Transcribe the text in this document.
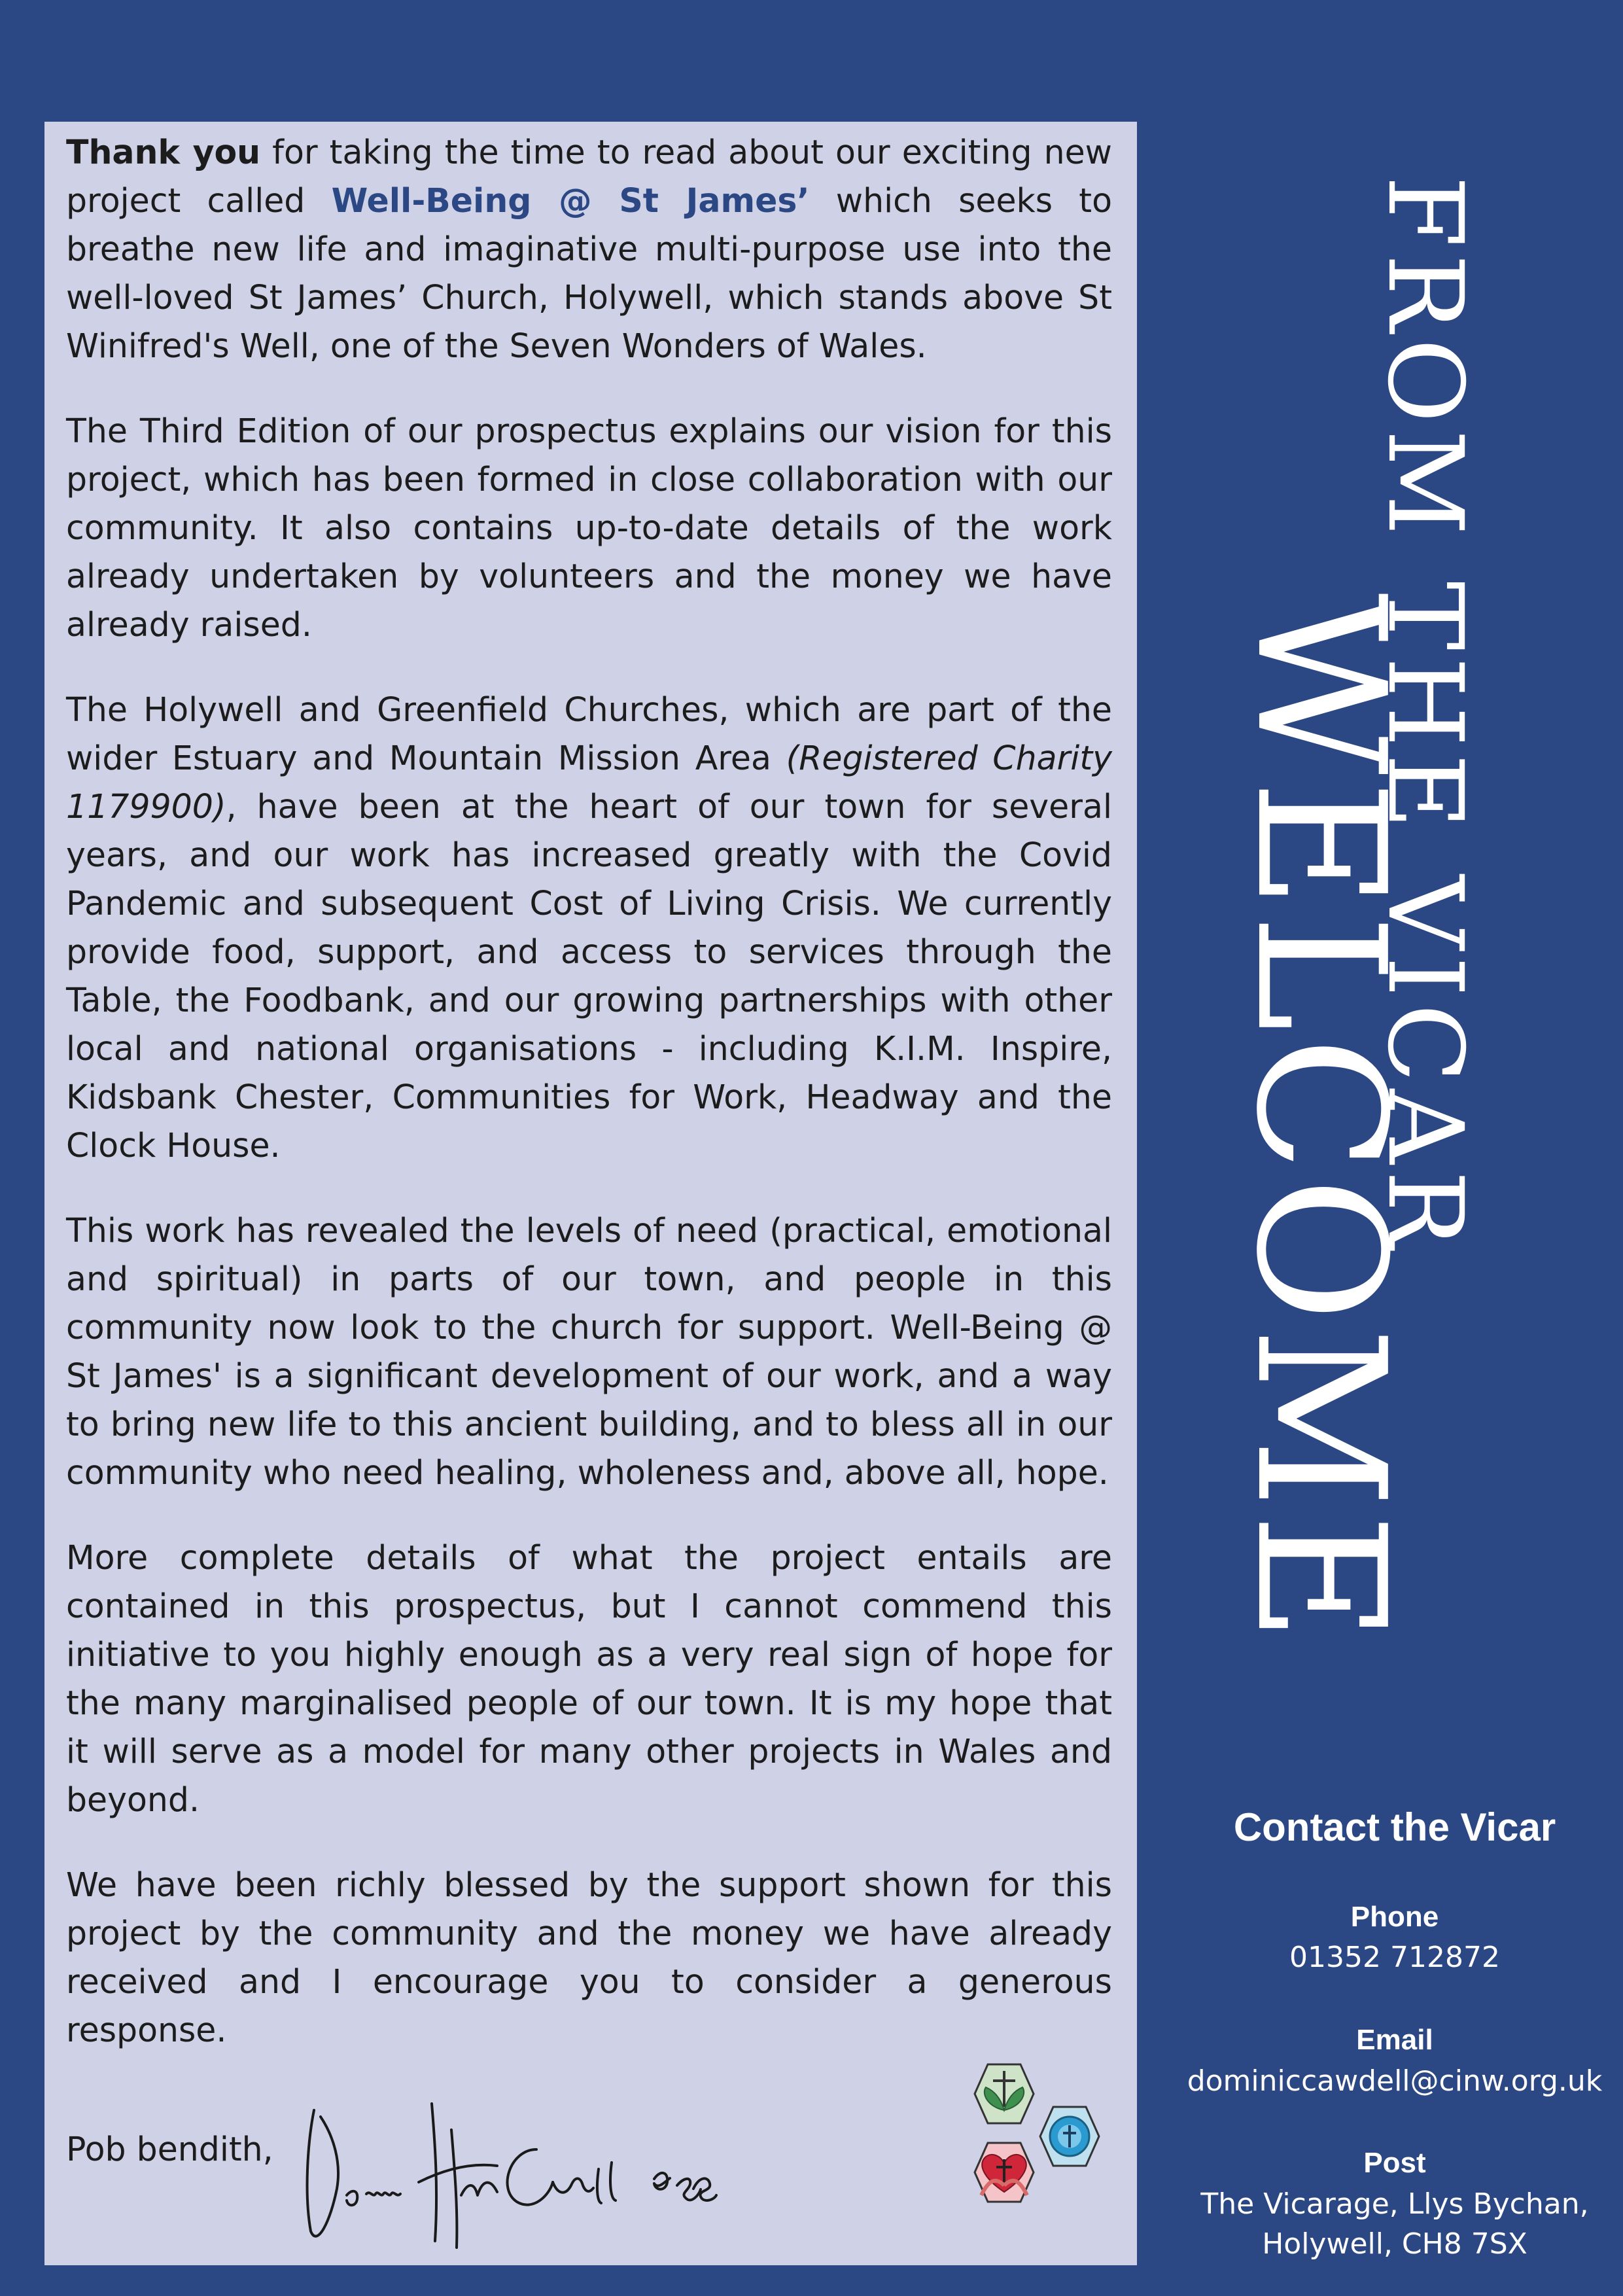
Thank you for taking the time to read about our exciting new project called Well-Being @ St James’ which seeks to breathe new life and imaginative multi-purpose use into the well-loved St James’ Church, Holywell, which stands above St Winifred's Well, one of the Seven Wonders of Wales.

The Third Edition of our prospectus explains our vision for this project, which has been formed in close collaboration with our community. It also contains up-to-date details of the work already undertaken by volunteers and the money we have already raised.

The Holywell and Greenfield Churches, which are part of the wider Estuary and Mountain Mission Area (Registered Charity 1179900), have been at the heart of our town for several years, and our work has increased greatly with the Covid Pandemic and subsequent Cost of Living Crisis. We currently provide food, support, and access to services through the Table, the Foodbank, and our growing partnerships with other local and national organisations - including K.I.M. Inspire, Kidsbank Chester, Communities for Work, Headway and the Clock House.

This work has revealed the levels of need (practical, emotional and spiritual) in parts of our town, and people in this community now look to the church for support. Well-Being @ St James' is a significant development of our work, and a way to bring new life to this ancient building, and to bless all in our community who need healing, wholeness and, above all, hope.

More complete details of what the project entails are contained in this prospectus, but I cannot commend this initiative to you highly enough as a very real sign of hope for the many marginalised people of our town. It is my hope that it will serve as a model for many other projects in Wales and beyond.

We have been richly blessed by the support shown for this project by the community and the money we have already received and I encourage you to consider a generous response.

Pob bendith,
WELCOME
FROM THE VICAR
Contact the Vicar
Phone
01352 712872
Email
dominiccawdell@cinw.org.uk
Post
The Vicarage, Llys Bychan,
Holywell, CH8 7SX
